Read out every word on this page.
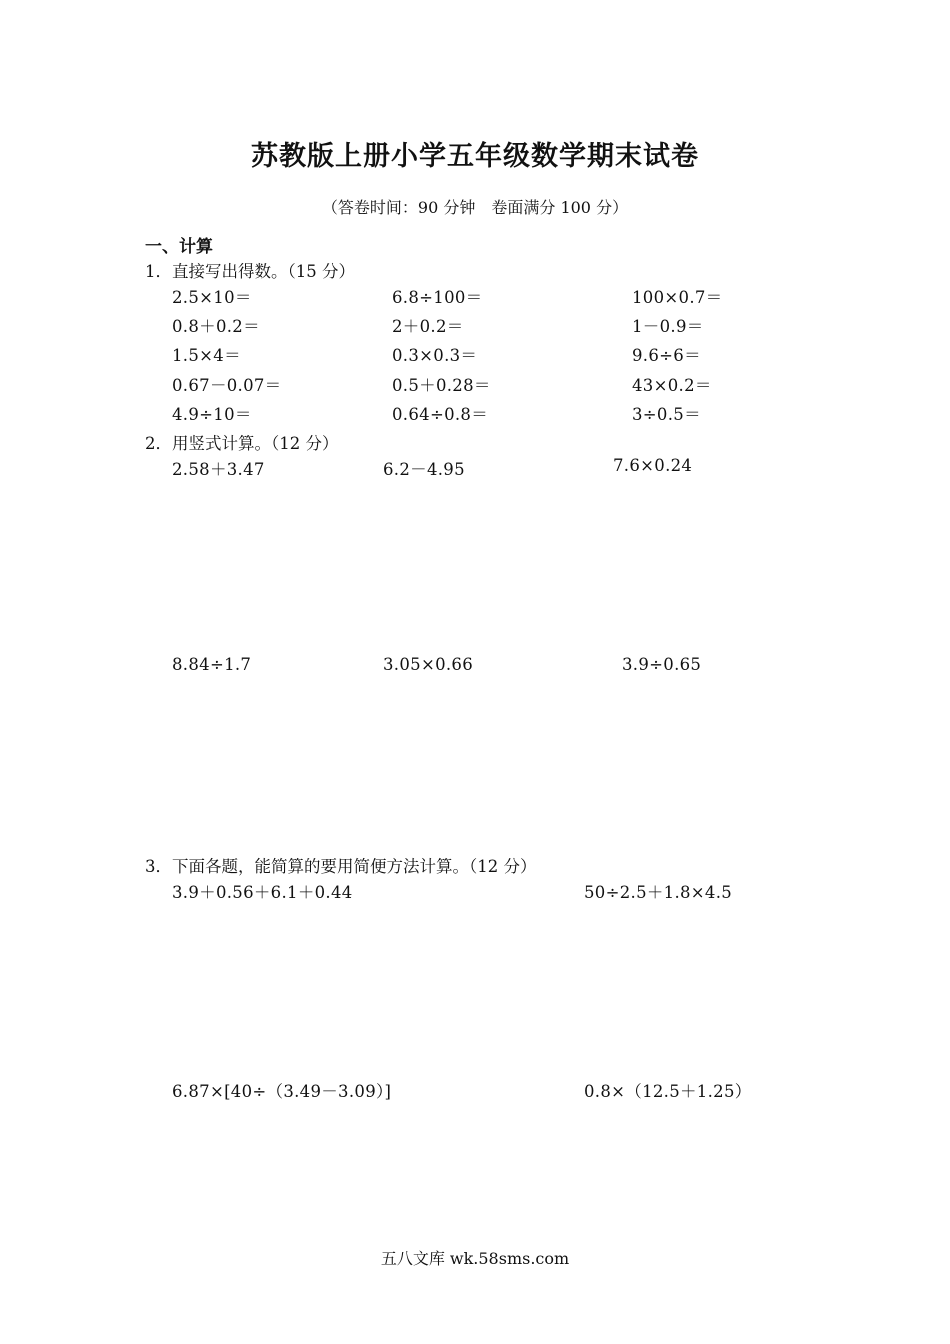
苏教版上册小学五年级数学期末试卷
（答卷时间：90 分钟　卷面满分 100 分）
一、计算
1．直接写出得数。（15 分）
2.5×10＝	6.8÷100＝	100×0.7＝
0.8＋0.2＝	2＋0.2＝	1－0.9＝
1.5×4＝	0.3×0.3＝	9.6÷6＝
0.67－0.07＝	0.5＋0.28＝	43×0.2＝
4.9÷10＝	0.64÷0.8＝	3÷0.5＝
2．用竖式计算。（12 分）
2.58＋3.47	6.2－4.95	7.6×0.24
8.84÷1.7	3.05×0.66	3.9÷0.65
3．下面各题，能简算的要用简便方法计算。（12 分）
3.9＋0.56＋6.1＋0.44	50÷2.5＋1.8×4.5
6.87×[40÷（3.49－3.09）]	0.8×（12.5＋1.25）
五八文库 wk.58sms.com
